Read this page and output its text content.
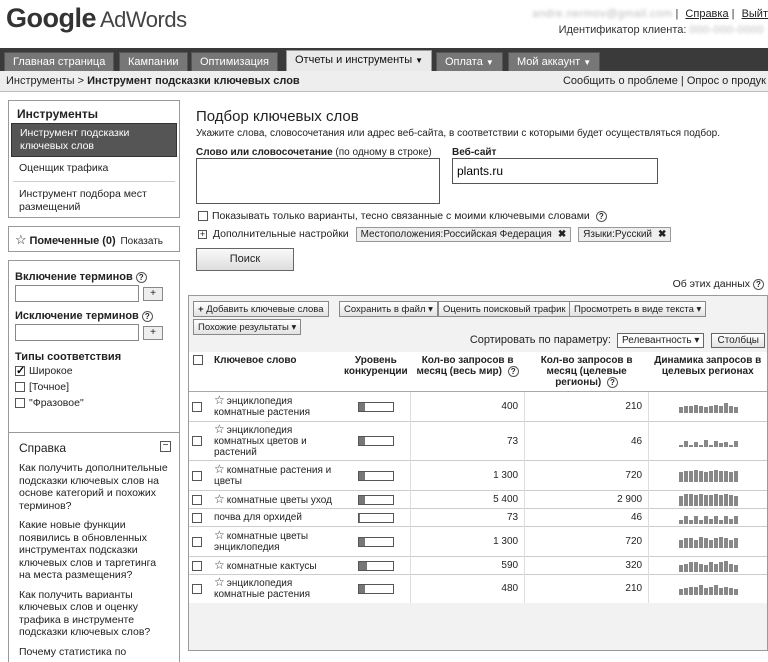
Google AdWords	andre.nermov@gmail.com | Справка | Выйт
Идентификатор клиента: 000-000-0000
Главная страница	Кампании	Оптимизация	Отчеты и инструменты ▼	Оплата ▼	Мой аккаунт ▼
Инструменты > Инструмент подсказки ключевых слов	Сообщить о проблеме | Опрос о продук
Инструменты
Инструмент подсказки ключевых слов
Оценщик трафика
Инструмент подбора мест размещений
☆ Помеченные (0) Показать
Включение терминов ?
+
Исключение терминов ?
+
Типы соответствия
✓Широкое
[Точное]
"Фразовое"
Справка	−
Как получить дополнительные подсказки ключевых слов на основе категорий и похожих терминов?
Какие новые функции появились в обновленных инструментах подсказки ключевых слов и таргетинга на места размещения?
Как получить варианты ключевых слов и оценку трафика в инструменте подсказки ключевых слов?
Почему статистика по
Подбор ключевых слов
Укажите слова, словосочетания или адрес веб-сайта, в соответствии с которыми будет осуществляться подбор.
Слово или словосочетание (по одному в строке) Веб-сайт
plants.ru
Показывать только варианты, тесно связанные с моими ключевыми словами ?
+ Дополнительные настройки Местоположения:Российская Федерация ✖ Языки:Русский ✖
Поиск
Об этих данных ?
+ Добавить ключевые слова	Сохранить в файл ▾	Оценить поисковый трафик Просмотреть в виде текста ▾
Похожие результаты ▾
Сортировать по параметру: Релевантность ▾ Столбцы
	Ключевое слово	Уровень конкуренции	Кол-во запросов в месяц (весь мир) ?	Кол-во запросов в месяц (целевые регионы) ?	Динамика запросов в целевых регионах
	☆ энциклопедия комнатные растения		400	210	

	☆ энциклопедия комнатных цветов и растений		73	46	

	☆ комнатные растения и цветы		1 300	720	

	☆ комнатные цветы уход		5 400	2 900	

	почва для орхидей		73	46	

	☆ комнатные цветы энциклопедия		1 300	720	

	☆ комнатные кактусы		590	320	

	☆ энциклопедия комнатные растения		480	210	
